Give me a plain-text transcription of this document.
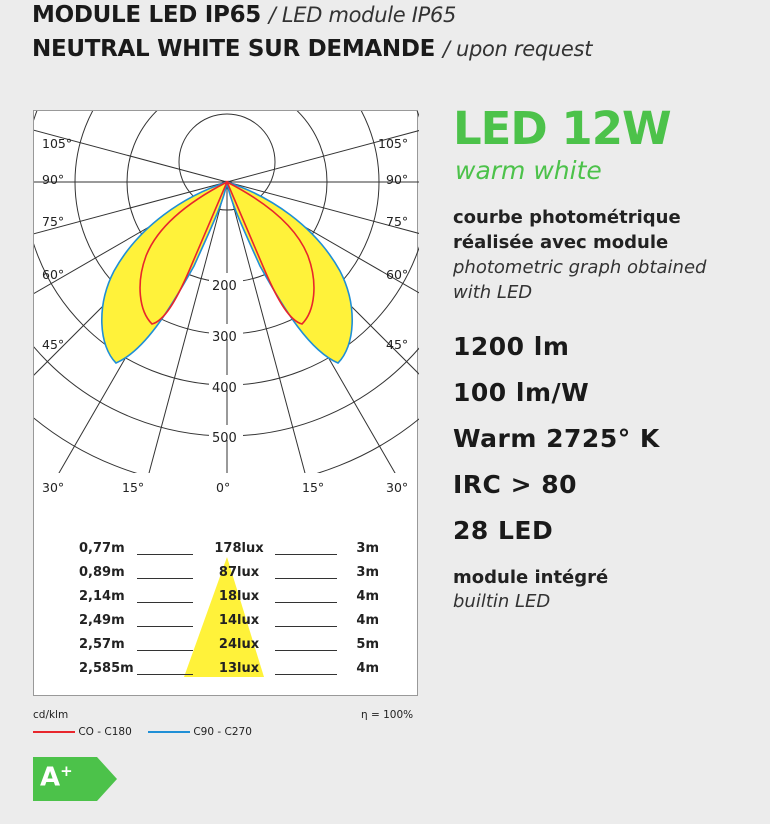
MODULE LED IP65 / LED module IP65
NEUTRAL WHITE SUR DEMANDE / upon request
105°	105°
90°	90°
75°	75°
60°	60°
45°	45°
30°	30°
15°	15°
0°
200
300
400
500
0,77m	178lux	3m
0,89m	87lux	3m
2,14m	18lux	4m
2,49m	14lux	4m
2,57m	24lux	5m
2,585m	13lux	4m
cd/klm	η = 100%
CO - C180	C90 - C270
A+
LED 12W
warm white
courbe photométrique
réalisée avec module
photometric graph obtained
with LED
1200 lm
100 lm/W
Warm 2725° K
IRC > 80
28 LED
module intégré
builtin LED
